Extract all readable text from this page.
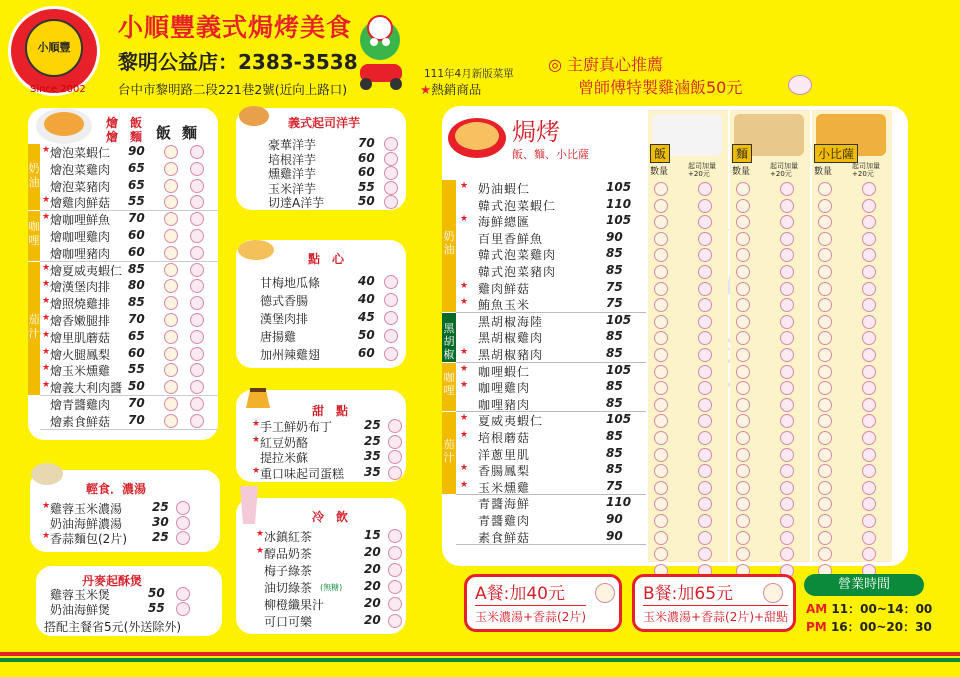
小順豐
Since 2002
小順豐義式焗烤美食
黎明公益店：2383-3538
台中市黎明路二段221巷2號(近向上路口)
111年4月新版菜單
★熱銷商品
◎ 主廚真心推薦
曾師傅特製雞滷飯50元
燴　飯
燴　麵 飯 麵
★ 燴泡菜蝦仁 90
燴泡菜雞肉 65
燴泡菜豬肉 65
★ 燴雞肉鮮菇 55
奶油
★ 燴咖哩鮮魚 70
燴咖哩雞肉 60
燴咖哩豬肉 60
咖哩
★ 燴夏威夷蝦仁 85
★ 燴漢堡肉排 80
★ 燴照燒雞排 85
★ 燴香嫩腿排 70
★ 燴里肌蘑菇 65
★ 燴火腿鳳梨 60
★ 燴玉米燻雞 55
★ 燴義大利肉醬 50
茄汁
燴青醬雞肉 70
燴素食鮮菇 70
義式起司洋芋
豪華洋芋	70
培根洋芋	60
燻雞洋芋	60
玉米洋芋	55
切達A洋芋	50
點　心
甘梅地瓜條	40
德式香腸	40
漢堡肉排	45
唐揚雞	50
加州辣雞翅	60
甜　點
★ 手工鮮奶布丁	25
★ 紅豆奶酪	25
提拉米蘇	35
★ 重口味起司蛋糕 35
冷　飲
★ 冰鎮紅茶	15
★ 醇品奶茶	20
梅子綠茶	20
油切綠茶 (無糖) 20
柳橙纖果汁	20
可口可樂	20
輕食．濃湯
★ 雞蓉玉米濃湯 25
奶油海鮮濃湯 30
★ 香蒜麵包(2片) 25
丹麥起酥煲
雞蓉玉米煲	50
奶油海鮮煲	55
搭配主餐省5元(外送除外)
焗烤
飯、麵、小比薩
★ 奶油蝦仁	105
韓式泡菜蝦仁	110
★ 海鮮總匯	105
百里香鮮魚	90
韓式泡菜雞肉	85
韓式泡菜豬肉	85
★ 雞肉鮮菇	75
★ 鮪魚玉米	75
奶油
黑胡椒海陸	105
黑胡椒雞肉	85
★ 黑胡椒豬肉	85
黑胡椒
★ 咖哩蝦仁	105
★ 咖哩雞肉	85
咖哩豬肉	85
咖哩
★ 夏威夷蝦仁	105
★ 培根蘑菇	85
洋蔥里肌	85
★ 香腸鳳梨	85
★ 玉米燻雞	75
茄汁
青醬海鮮	110
青醬雞肉	90
素食鮮菇	90
飯
數量
起司加量+20元
麵
數量
起司加量+20元
小比薩
數量
起司加量+20元
A餐:加40元
玉米濃湯+香蒜(2片)
B餐:加65元
玉米濃湯+香蒜(2片)+甜點
營業時間
AM 11：00~14：00
PM 16：00~20：30
